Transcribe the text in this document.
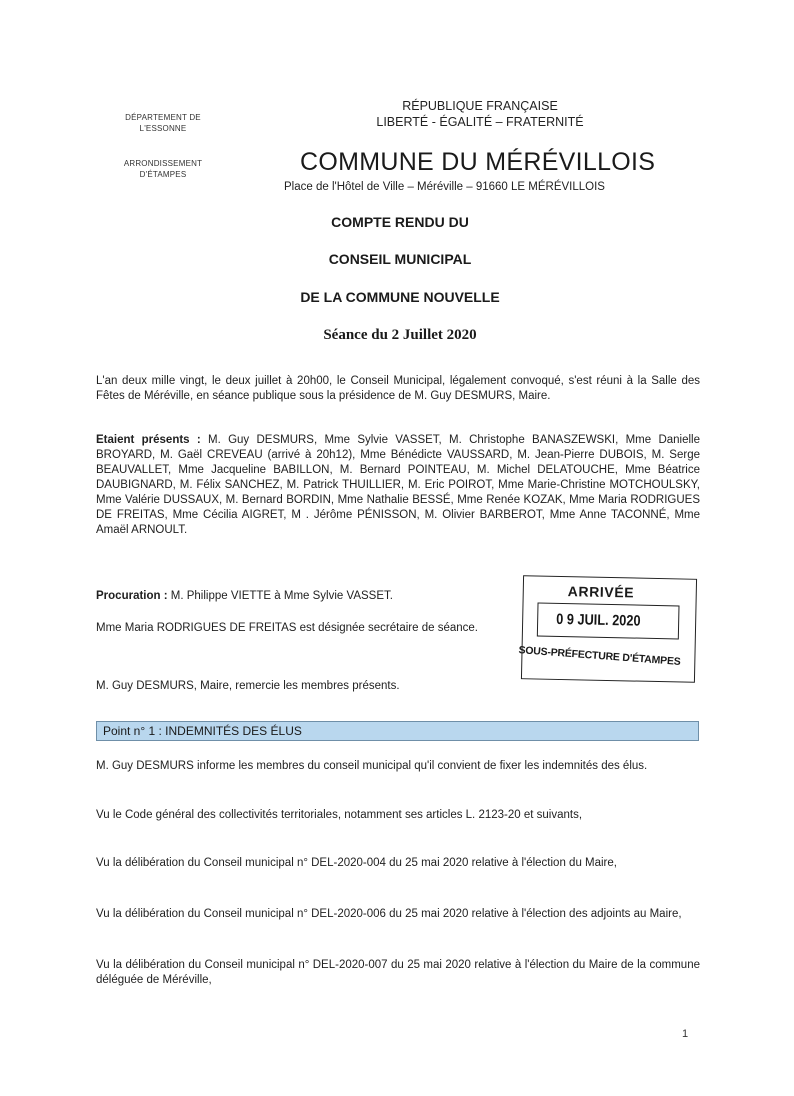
DÉPARTEMENT DE L'ESSONNE
ARRONDISSEMENT D'ÉTAMPES
RÉPUBLIQUE FRANÇAISE
LIBERTÉ - ÉGALITÉ – FRATERNITÉ
COMMUNE DU MÉRÉVILLOIS
Place de l'Hôtel de Ville – Méréville – 91660 LE MÉRÉVILLOIS
COMPTE RENDU DU
CONSEIL MUNICIPAL
DE LA COMMUNE NOUVELLE
Séance du 2 Juillet 2020
L'an deux mille vingt, le deux juillet à 20h00, le Conseil Municipal, légalement convoqué, s'est réuni à la Salle des Fêtes de Méréville, en séance publique sous la présidence de M. Guy DESMURS, Maire.
Etaient présents : M. Guy DESMURS, Mme Sylvie VASSET, M. Christophe BANASZEWSKI, Mme Danielle BROYARD, M. Gaël CREVEAU (arrivé à 20h12), Mme Bénédicte VAUSSARD, M. Jean-Pierre DUBOIS, M. Serge BEAUVALLET, Mme Jacqueline BABILLON, M. Bernard POINTEAU, M. Michel DELATOUCHE, Mme Béatrice DAUBIGNARD, M. Félix SANCHEZ, M. Patrick THUILLIER, M. Eric POIROT, Mme Marie-Christine MOTCHOULSKY, Mme Valérie DUSSAUX, M. Bernard BORDIN, Mme Nathalie BESSÉ, Mme Renée KOZAK, Mme Maria RODRIGUES DE FREITAS, Mme Cécilia AIGRET, M . Jérôme PÉNISSON, M. Olivier BARBEROT, Mme Anne TACONNÉ, Mme Amaël ARNOULT.
Procuration : M. Philippe VIETTE à Mme Sylvie VASSET.
Mme Maria RODRIGUES DE FREITAS est désignée secrétaire de séance.
M. Guy DESMURS, Maire, remercie les membres présents.
ARRIVÉE
0 9 JUIL. 2020
SOUS-PRÉFECTURE D'ÉTAMPES
Point n° 1 : INDEMNITÉS DES ÉLUS
M. Guy DESMURS informe les membres du conseil municipal qu'il convient de fixer les indemnités des élus.
Vu le Code général des collectivités territoriales, notamment ses articles L. 2123-20 et suivants,
Vu la délibération du Conseil municipal n° DEL-2020-004 du 25 mai 2020 relative à l'élection du Maire,
Vu la délibération du Conseil municipal n° DEL-2020-006 du 25 mai 2020 relative à l'élection des adjoints au Maire,
Vu la délibération du Conseil municipal n° DEL-2020-007 du 25 mai 2020 relative à l'élection du Maire de la commune déléguée de Méréville,
1
